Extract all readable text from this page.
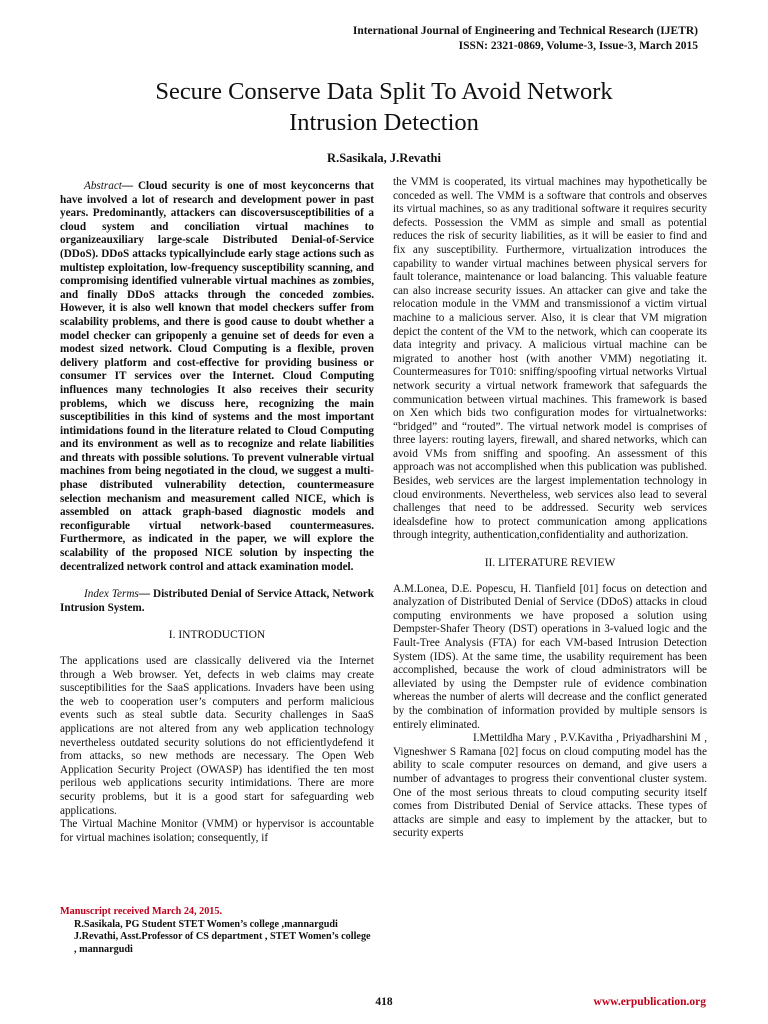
International Journal of Engineering and Technical Research (IJETR)
ISSN: 2321-0869, Volume-3, Issue-3, March 2015
Secure Conserve Data Split To Avoid Network
Intrusion Detection
R.Sasikala, J.Revathi

Abstract— Cloud security is one of most keyconcerns that have involved a lot of research and development power in past years. Predominantly, attackers can discoversusceptibilities of a cloud system and conciliation virtual machines to organizeauxiliary large-scale Distributed Denial-of-Service (DDoS). DDoS attacks typicallyinclude early stage actions such as multistep exploitation, low-frequency susceptibility scanning, and compromising identified vulnerable virtual machines as zombies, and finally DDoS attacks through the conceded zombies. However, it is also well known that model checkers suffer from scalability problems, and there is good cause to doubt whether a model checker can gripopenly a genuine set of deeds for even a modest sized network. Cloud Computing is a flexible, proven delivery platform and cost-effective for providing business or consumer IT services over the Internet. Cloud Computing influences many technologies It also receives their security problems, which we discuss here, recognizing the main susceptibilities in this kind of systems and the most important intimidations found in the literature related to Cloud Computing and its environment as well as to recognize and relate liabilities and threats with possible solutions. To prevent vulnerable virtual machines from being negotiated in the cloud, we suggest a multi-phase distributed vulnerability detection, countermeasure selection mechanism and measurement called NICE, which is assembled on attack graph-based diagnostic models and reconfigurable virtual network-based countermeasures. Furthermore, as indicated in the paper, we will explore the scalability of the proposed NICE solution by inspecting the decentralized network control and attack examination model.

Index Terms— Distributed Denial of Service Attack, Network Intrusion System.

I. INTRODUCTION

The applications used are classically delivered via the Internet through a Web browser. Yet, defects in web claims may create susceptibilities for the SaaS applications. Invaders have been using the web to cooperation user’s computers and perform malicious events such as steal subtle data. Security challenges in SaaS applications are not altered from any web application technology nevertheless outdated security solutions do not efficientlydefend it from attacks, so new methods are necessary. The Open Web Application Security Project (OWASP) has identified the ten most perilous web applications security intimidations. There are more security problems, but it is a good start for safeguarding web applications.

The Virtual Machine Monitor (VMM) or hypervisor is accountable for virtual machines isolation; consequently, if

the VMM is cooperated, its virtual machines may hypothetically be conceded as well. The VMM is a software that controls and observes its virtual machines, so as any traditional software it requires security defects. Possession the VMM as simple and small as potential reduces the risk of security liabilities, as it will be easier to find and fix any susceptibility. Furthermore, virtualization introduces the capability to wander virtual machines between physical servers for fault tolerance, maintenance or load balancing. This valuable feature can also increase security issues. An attacker can give and take the relocation module in the VMM and transmissionof a victim virtual machine to a malicious server. Also, it is clear that VM migration depict the content of the VM to the network, which can cooperate its data integrity and privacy. A malicious virtual machine can be migrated to another host (with another VMM) negotiating it. Countermeasures for T010: sniffing/spoofing virtual networks Virtual network security a virtual network framework that safeguards the communication between virtual machines. This framework is based on Xen which bids two configuration modes for virtualnetworks: “bridged” and “routed”. The virtual network model is comprises of three layers: routing layers, firewall, and shared networks, which can avoid VMs from sniffing and spoofing. An assessment of this approach was not accomplished when this publication was published. Besides, web services are the largest implementation technology in cloud environments. Nevertheless, web services also lead to several challenges that need to be addressed. Security web services idealsdefine how to protect communication among applications through integrity, authentication,confidentiality and authorization.

II. LITERATURE REVIEW

A.M.Lonea, D.E. Popescu, H. Tianfield [01] focus on detection and analyzation of Distributed Denial of Service (DDoS) attacks in cloud computing environments we have proposed a solution using Dempster-Shafer Theory (DST) operations in 3-valued logic and the Fault-Tree Analysis (FTA) for each VM-based Intrusion Detection System (IDS). At the same time, the usability requirement has been accomplished, because the work of cloud administrators will be alleviated by using the Dempster rule of evidence combination whereas the number of alerts will decrease and the conflict generated by the combination of information provided by multiple sensors is entirely eliminated.

I.Mettildha Mary , P.V.Kavitha , Priyadharshini M , Vigneshwer S Ramana [02] focus on cloud computing model has the ability to scale computer resources on demand, and give users a number of advantages to progress their conventional cluster system. One of the most serious threats to cloud computing security itself comes from Distributed Denial of Service attacks. These types of attacks are simple and easy to implement by the attacker, but to security experts

Manuscript received March 24, 2015.
R.Sasikala, PG Student STET Women’s college ,mannargudi
J.Revathi, Asst.Professor of CS department , STET Women’s college , mannargudi
418	www.erpublication.org
